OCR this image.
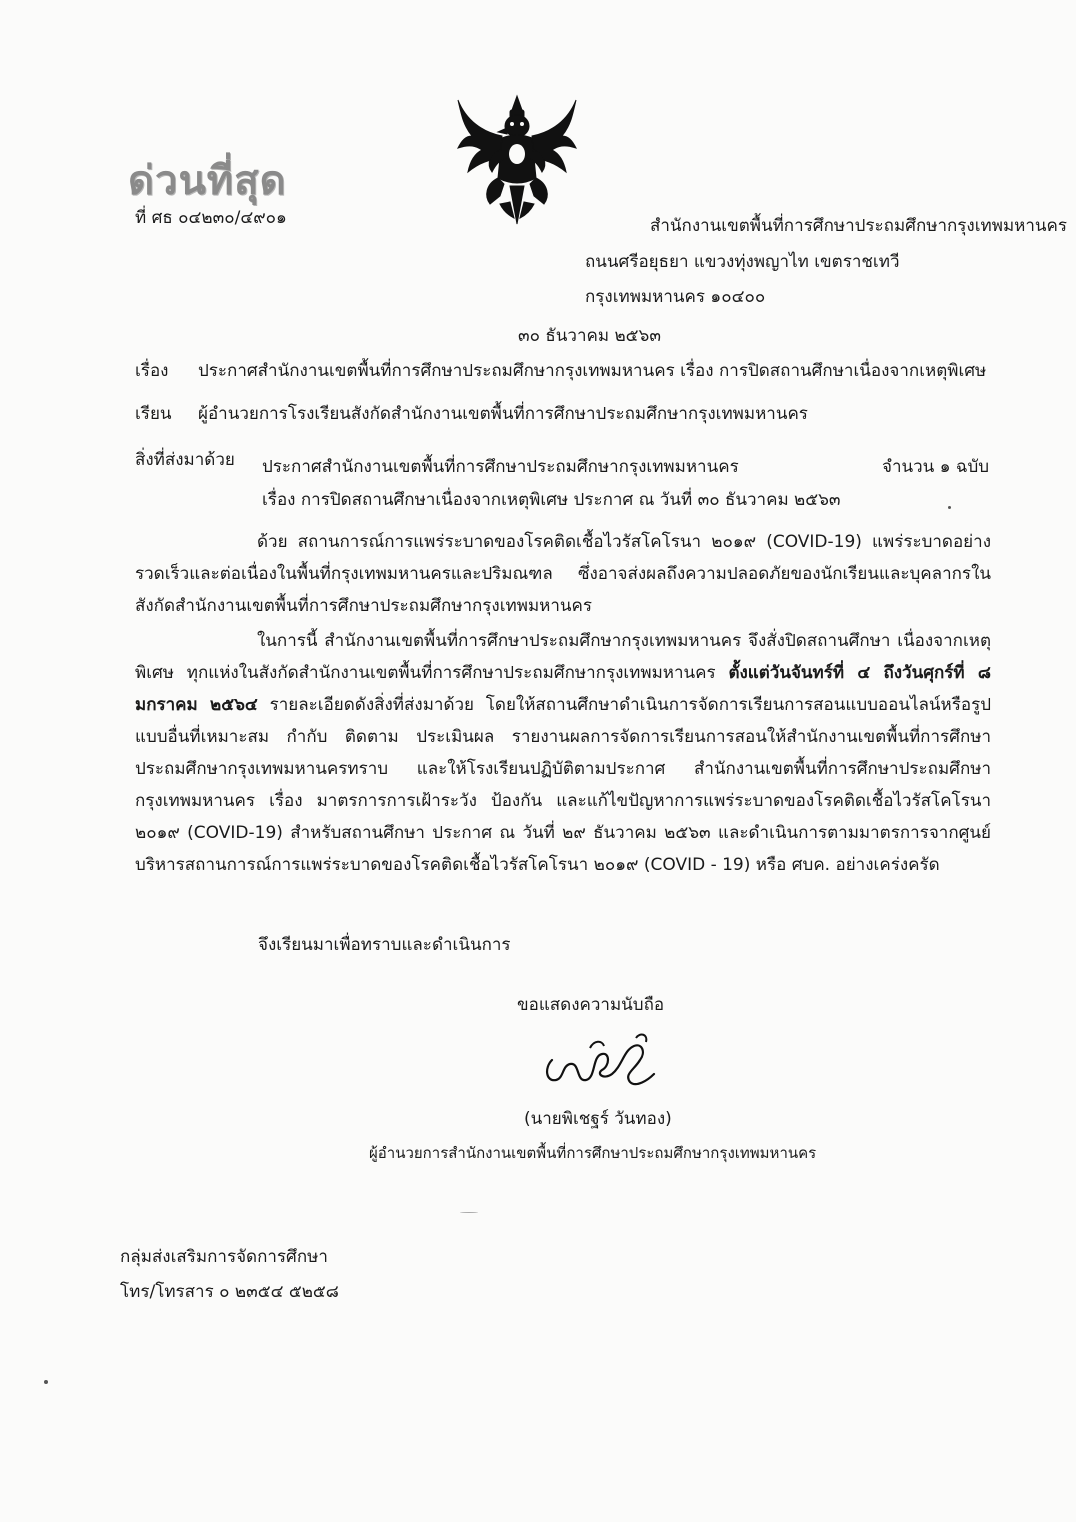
ด่วนที่สุด
ที่ ศธ ๐๔๒๓๐/๔๙๐๑	สำนักงานเขตพื้นที่การศึกษาประถมศึกษากรุงเทพมหานคร
ถนนศรีอยุธยา แขวงทุ่งพญาไท เขตราชเทวี
กรุงเทพมหานคร ๑๐๔๐๐
๓๐ ธันวาคม ๒๕๖๓
เรื่อง ประกาศสำนักงานเขตพื้นที่การศึกษาประถมศึกษากรุงเทพมหานคร เรื่อง การปิดสถานศึกษาเนื่องจากเหตุพิเศษ
เรียน ผู้อำนวยการโรงเรียนสังกัดสำนักงานเขตพื้นที่การศึกษาประถมศึกษากรุงเทพมหานคร
สิ่งที่ส่งมาด้วย ประกาศสำนักงานเขตพื้นที่การศึกษาประถมศึกษากรุงเทพมหานคร
เรื่อง การปิดสถานศึกษาเนื่องจากเหตุพิเศษ ประกาศ ณ วันที่ ๓๐ ธันวาคม ๒๕๖๓
จำนวน ๑ ฉบับ
ด้วย สถานการณ์การแพร่ระบาดของโรคติดเชื้อไวรัสโคโรนา ๒๐๑๙ (COVID-19) แพร่ระบาดอย่างรวดเร็วและต่อเนื่องในพื้นที่กรุงเทพมหานครและปริมณฑล ซึ่งอาจส่งผลถึงความปลอดภัยของนักเรียนและบุคลากรในสังกัดสำนักงานเขตพื้นที่การศึกษาประถมศึกษากรุงเทพมหานคร
ในการนี้ สำนักงานเขตพื้นที่การศึกษาประถมศึกษากรุงเทพมหานคร จึงสั่งปิดสถานศึกษา เนื่องจากเหตุพิเศษ ทุกแห่งในสังกัดสำนักงานเขตพื้นที่การศึกษาประถมศึกษากรุงเทพมหานคร ตั้งแต่วันจันทร์ที่ ๔ ถึงวันศุกร์ที่ ๘ มกราคม ๒๕๖๔ รายละเอียดดังสิ่งที่ส่งมาด้วย โดยให้สถานศึกษาดำเนินการจัดการเรียนการสอนแบบออนไลน์หรือรูปแบบอื่นที่เหมาะสม กำกับ ติดตาม ประเมินผล รายงานผลการจัดการเรียนการสอนให้สำนักงานเขตพื้นที่การศึกษาประถมศึกษากรุงเทพมหานครทราบ และให้โรงเรียนปฏิบัติตามประกาศ สำนักงานเขตพื้นที่การศึกษาประถมศึกษากรุงเทพมหานคร เรื่อง มาตรการการเฝ้าระวัง ป้องกัน และแก้ไขปัญหาการแพร่ระบาดของโรคติดเชื้อไวรัสโคโรนา ๒๐๑๙ (COVID-19) สำหรับสถานศึกษา ประกาศ ณ วันที่ ๒๙ ธันวาคม ๒๕๖๓ และดำเนินการตามมาตรการจากศูนย์บริหารสถานการณ์การแพร่ระบาดของโรคติดเชื้อไวรัสโคโรนา ๒๐๑๙ (COVID - 19) หรือ ศบค. อย่างเคร่งครัด
จึงเรียนมาเพื่อทราบและดำเนินการ
ขอแสดงความนับถือ
(นายพิเชฐร์ วันทอง)
ผู้อำนวยการสำนักงานเขตพื้นที่การศึกษาประถมศึกษากรุงเทพมหานคร
กลุ่มส่งเสริมการจัดการศึกษา
โทร/โทรสาร ๐ ๒๓๕๔ ๕๒๕๘
